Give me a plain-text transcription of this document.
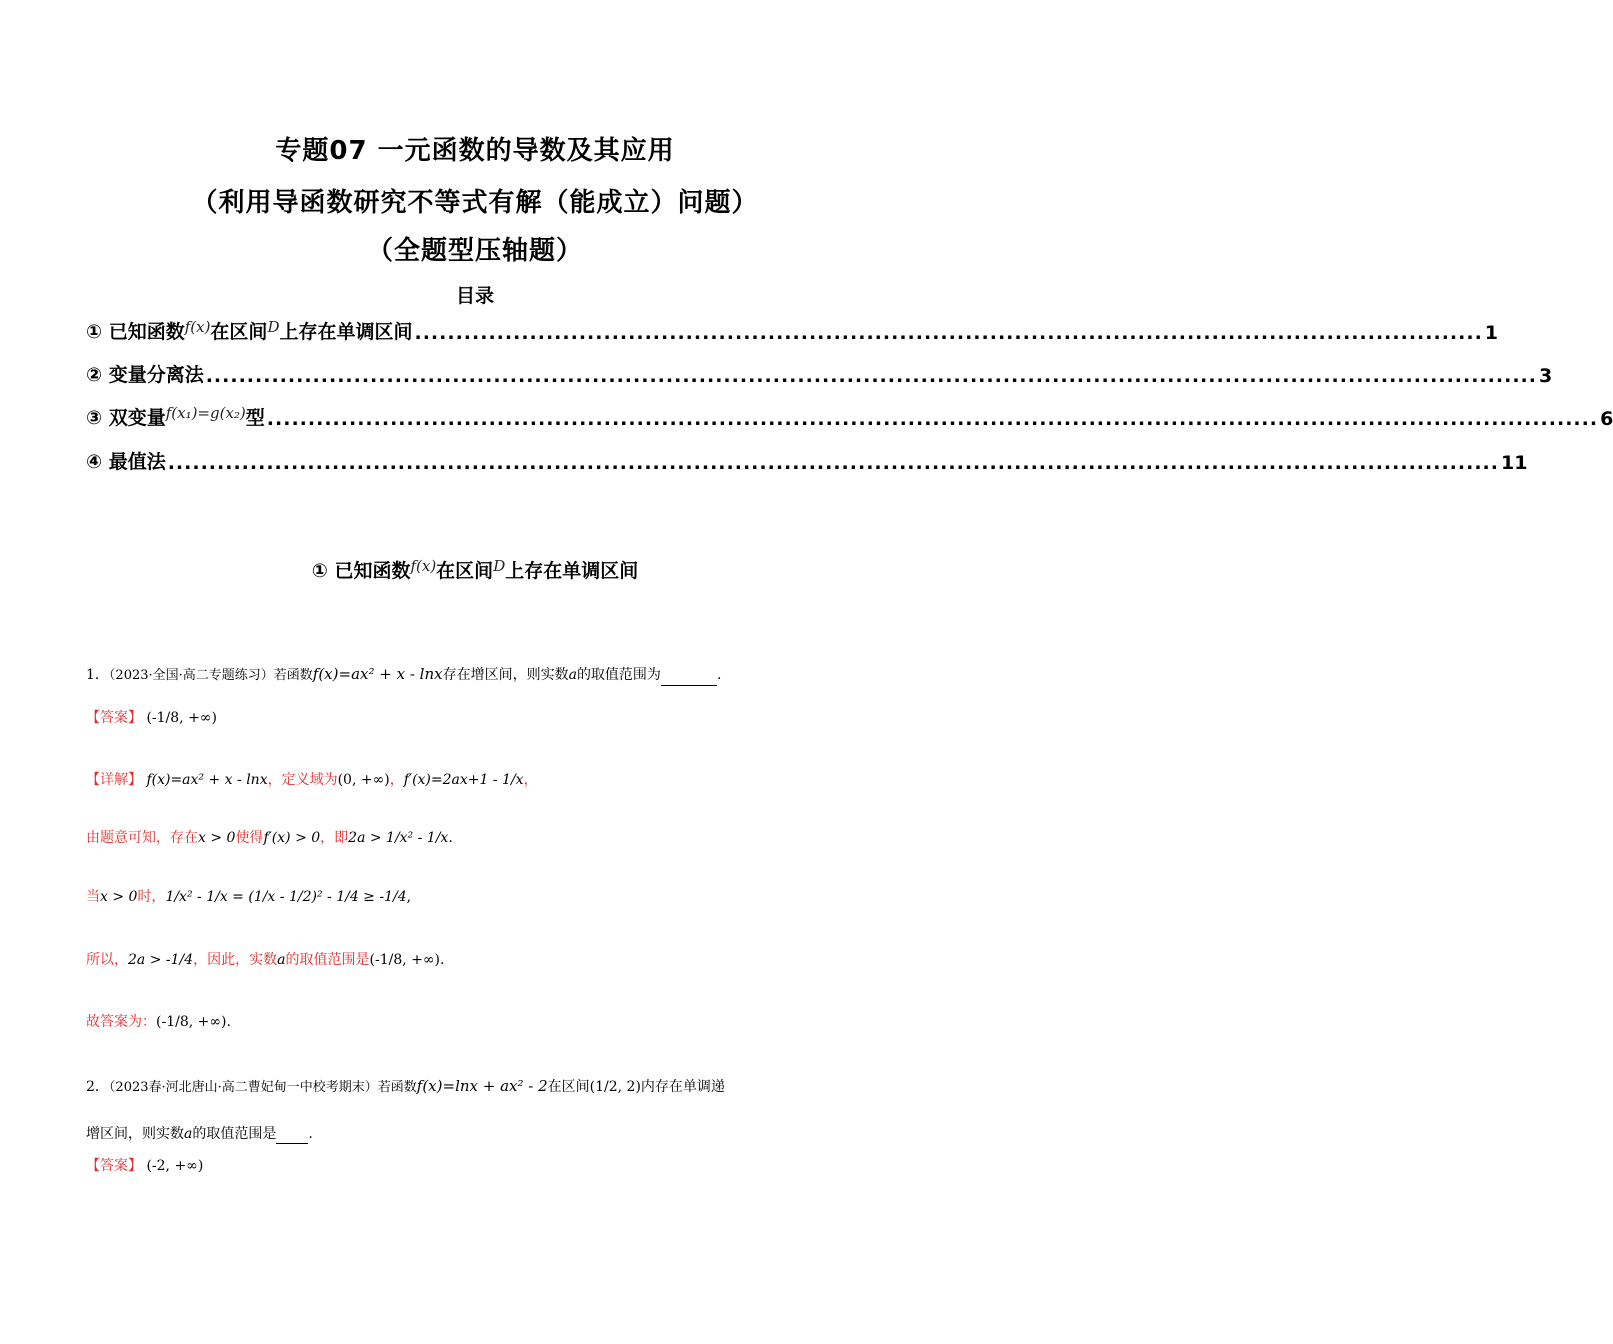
专题07 一元函数的导数及其应用
（利用导函数研究不等式有解（能成立）问题）
（全题型压轴题）
目录
① 已知函数$^{f(x)}$在区间$^D$上存在单调区间 .................................................................................................................................. 1
② 变量分离法 .................................................................................................................................................................. 3
③ 双变量$^{f(x_1)=g(x_2)}$型 .................................................................................................................................................................. 6
④ 最值法 .................................................................................................................................................................. 11
① 已知函数$^{f(x)}$在区间$^D$上存在单调区间
1．（2023·全国·高二专题练习）若函数f(x)=ax² + x - lnx存在增区间，则实数a的取值范围为	.
【答案】 (-1/8, +∞)
【详解】 f(x)=ax² + x - lnx，定义域为(0, +∞)，f′(x)=2ax+1 - 1/x，
由题意可知，存在x > 0使得f′(x) > 0，即2a > 1/x² - 1/x.
当x > 0时，1/x² - 1/x = (1/x - 1/2)² - 1/4 ≥ -1/4,
所以，2a > -1/4，因此，实数a的取值范围是(-1/8, +∞).
故答案为：(-1/8, +∞).
2．（2023春·河北唐山·高二曹妃甸一中校考期末）若函数f(x)=lnx + ax² - 2在区间(1/2, 2)内存在单调递
增区间，则实数a的取值范围是 .
【答案】 (-2, +∞)
